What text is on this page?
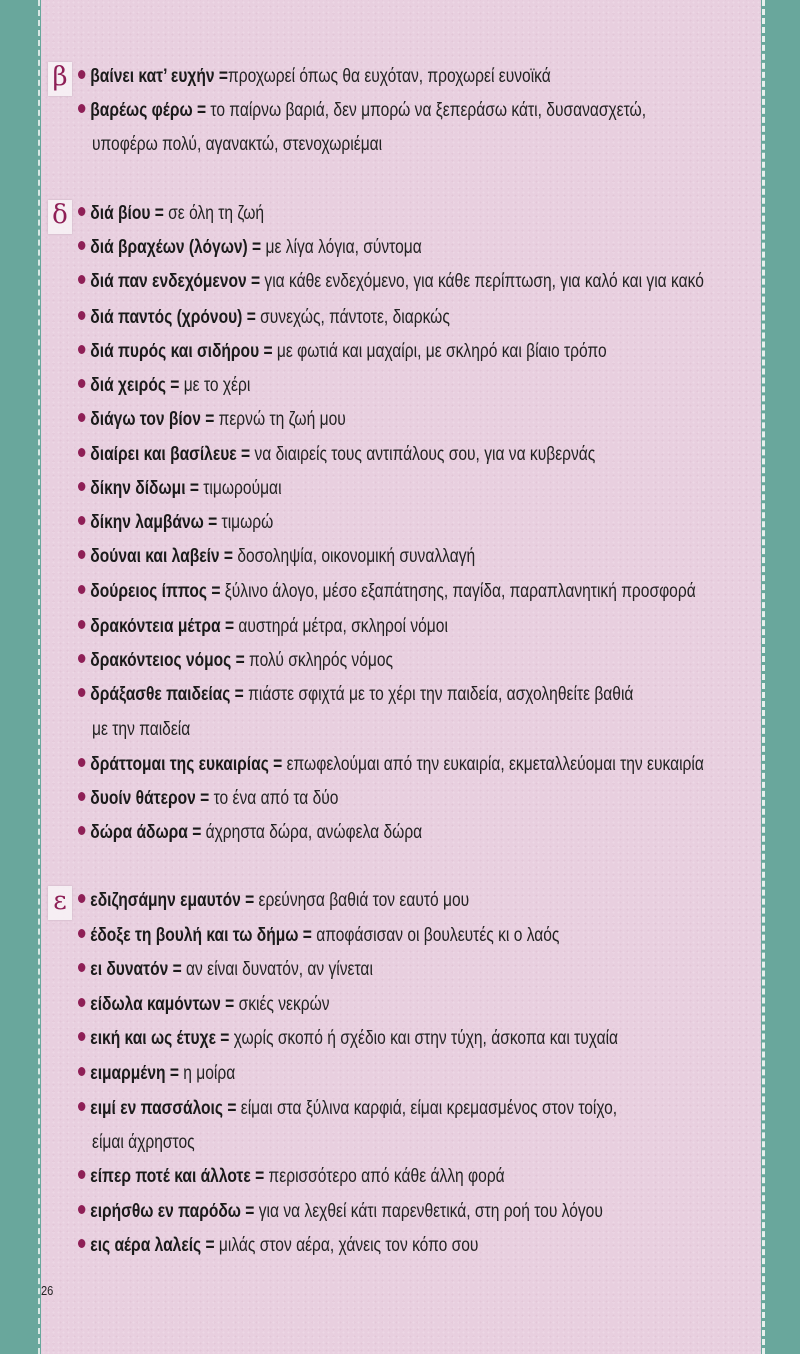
β	βαίνει κατ’ ευχήν =προχωρεί όπως θα ευχόταν, προχωρεί ευνοϊκά
βαρέως φέρω = το παίρνω βαριά, δεν μπορώ να ξεπεράσω κάτι, δυσανασχετώ,
υποφέρω πολύ, αγανακτώ, στενοχωριέμαι
δ	διά βίου = σε όλη τη ζωή
διά βραχέων (λόγων) = με λίγα λόγια, σύντομα
διά παν ενδεχόμενον = για κάθε ενδεχόμενο, για κάθε περίπτωση, για καλό και για κακό
διά παντός (χρόνου) = συνεχώς, πάντοτε, διαρκώς
διά πυρός και σιδήρου = με φωτιά και μαχαίρι, με σκληρό και βίαιο τρόπο
διά χειρός = με το χέρι
διάγω τον βίον = περνώ τη ζωή μου
διαίρει και βασίλευε = να διαιρείς τους αντιπάλους σου, για να κυβερνάς
δίκην δίδωμι = τιμωρούμαι
δίκην λαμβάνω = τιμωρώ
δούναι και λαβείν = δοσοληψία, οικονομική συναλλαγή
δούρειος ίππος = ξύλινο άλογο, μέσο εξαπάτησης, παγίδα, παραπλανητική προσφορά
δρακόντεια μέτρα = αυστηρά μέτρα, σκληροί νόμοι
δρακόντειος νόμος = πολύ σκληρός νόμος
δράξασθε παιδείας = πιάστε σφιχτά με το χέρι την παιδεία, ασχοληθείτε βαθιά
με την παιδεία
δράττομαι της ευκαιρίας = επωφελούμαι από την ευκαιρία, εκμεταλλεύομαι την ευκαιρία
δυοίν θάτερον = το ένα από τα δύο
δώρα άδωρα = άχρηστα δώρα, ανώφελα δώρα
ε	εδιζησάμην εμαυτόν = ερεύνησα βαθιά τον εαυτό μου
έδοξε τη βουλή και τω δήμω = αποφάσισαν οι βουλευτές κι ο λαός
ει δυνατόν = αν είναι δυνατόν, αν γίνεται
είδωλα καμόντων = σκιές νεκρών
εική και ως έτυχε = χωρίς σκοπό ή σχέδιο και στην τύχη, άσκοπα και τυχαία
ειμαρμένη = η μοίρα
ειμί εν πασσάλοις = είμαι στα ξύλινα καρφιά, είμαι κρεμασμένος στον τοίχο,
είμαι άχρηστος
είπερ ποτέ και άλλοτε = περισσότερο από κάθε άλλη φορά
ειρήσθω εν παρόδω = για να λεχθεί κάτι παρενθετικά, στη ροή του λόγου
εις αέρα λαλείς = μιλάς στον αέρα, χάνεις τον κόπο σου
26
